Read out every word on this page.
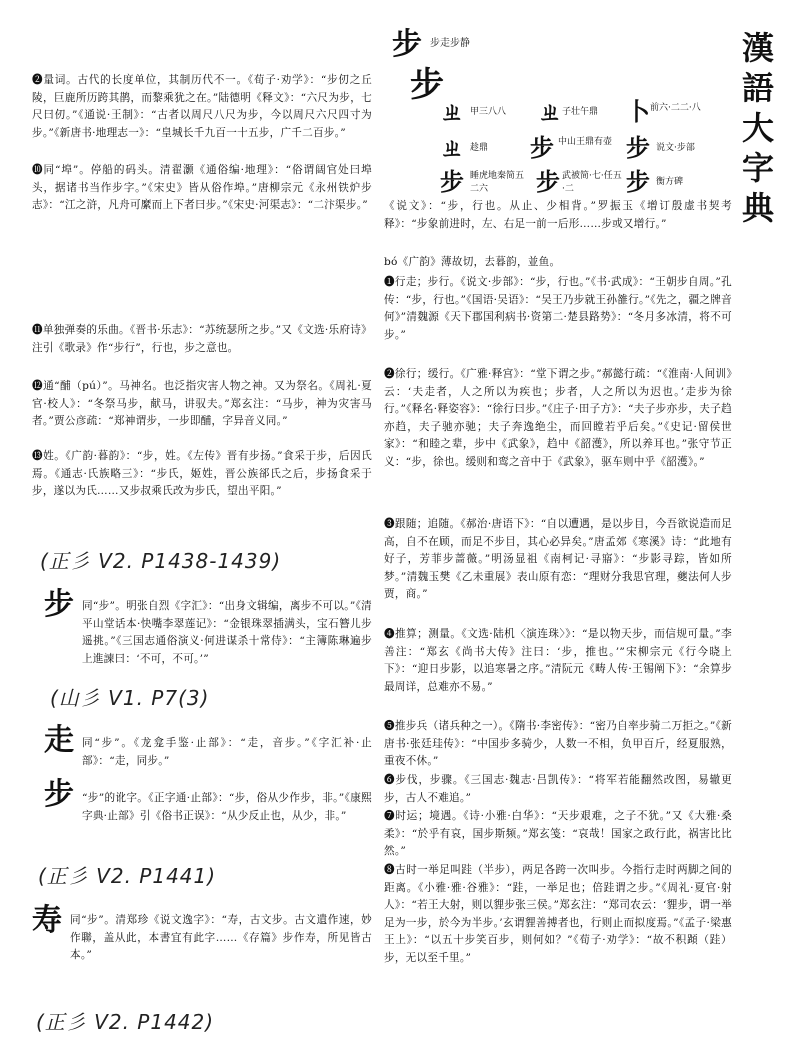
漢
語
大
字
典
步 步走步静
步
ㄓ 甲三八八 ㄓ 子壮午鼎 卜 前六·二二·八
ㄓ 趁鼎 步 中山王鼎有壶 步 说文·步部
步 睡虎地秦简五二六	步 武被简·七·任五·二	步 衡方碑
❷量词。古代的长度单位，其制历代不一。《荀子·劝学》：“步仞之丘陵，巨鹿所历跨其鹊，而黎乘犹之在。”陆德明《释文》：“六尺为步，七尺曰仞。”《通说·王制》：“古者以周尺八尺为步，今以周尺六尺四寸为步。”《新唐书·地理志一》：“皇城长千九百一十五步，广千二百步。”
❿同“埠”。停船的码头。清翟灏《通俗编·地理》：“俗谓阔官处曰埠头，据诸书当作步字。”《宋史》皆从俗作埠。”唐柳宗元《永州铁炉步志》：“江之浒，凡舟可縻而上下者曰步。”《宋史·河渠志》：“二汴渠步。”
⓫单独弹奏的乐曲。《晋书·乐志》：“苏统瑟所之步。”又《文选·乐府诗》注引《歌录》作“步行”，行也，步之意也。
⓬通“酺（pú）”。马神名。也泛指灾害人物之神。又为祭名。《周礼·夏官·校人》：“冬祭马步，献马，讲驭夫。”郑玄注：“马步，神为灾害马者。”贾公彦疏：“郑神谓步，一步即酺，字异音义同。”
⓭姓。《广韵·暮韵》：“步，姓。《左传》晋有步扬。”食采于步，后因氏焉。《通志·氏族略三》：“步氏，姬姓，晋公族郤氏之后，步扬食采于步，遂以为氏……又步叔乘氏改为步氏，望出平阳。”
(正彡 V2. P1438-1439)
步 同“步”。明张自烈《字汇》：“出身文辑编，离步不可以。”《清平山堂话本·快嘴李翠莲记》：“金银珠翠插满头，宝石簪儿步遥挑。”《三国志通俗演义·何进谋杀十常侍》：“主簿陈琳遍步上進諫曰：‘不可，不可。’”
(山彡 V1. P7(3)
走 同“步”。《龙龛手鉴·止部》：“走，音步。”《字汇补·止部》：“走，同步。”
步 “步”的讹字。《正字通·止部》：“步，俗从少作步，非。”《康熙字典·止部》引《俗书正误》：“从少反止也，从少，非。”
(正彡 V2. P1441)
寿 同“步”。清郑珍《说文逸字》：“寿，古文步。古文遺作速，妙作聯，盖从此，本書宜有此字……《存篇》步作寿，所见皆古本。”
(正彡 V2. P1442)
《说文》：“步，行也。从止、少相背。”罗振玉《增订殷虚书契考释》：“步象前进时，左、右足一前一后形……步或又增行。”
bó《广韵》薄故切，去暮韵，並鱼。
❶行走；步行。《说文·步部》：“步，行也。”《书·武成》：“王朝步自周。”孔传：“步，行也。”《国语·吴语》：“吴王乃步就王孙雒行。”《先之，疆之牌音何》”清魏源《天下郡国利病书·资第二·楚县路势》：“冬月多冰清，将不可步。”
❷徐行；缓行。《广雅·释宫》：“堂下谓之步。”郝懿行疏：“《淮南·人间训》云：‘夫走者，人之所以为疾也；步者，人之所以为迟也。’走步为徐行。”《释名·释姿容》：“徐行曰步。”《庄子·田子方》：“夫子步亦步，夫子趋亦趋，夫子驰亦驰；夫子奔逸绝尘，而回瞠若乎后矣。”《史记·留侯世家》：“和睦之辈，步中《武象》，趋中《韶濩》，所以养耳也。”张守节正义：“步，徐也。缓则和鸾之音中于《武象》，驱车则中乎《韶濩》。”
❸跟随；追随。《郝治·唐语下》：“自以遭遇，是以步目，今吾欲说造而足高，自不在顾，而足不步目，其心必异矣。”唐孟郊《寒溪》诗：“此地有好子，芳菲步蔷薇。”明汤显祖《南柯记·寻寤》：“步影寻踪，皆如所梦。”清魏玉樊《乙未重展》表山原有恋：“理财分我思官理，夔法何人步贾，商。”
❹推算；测量。《文选·陆机〈演连珠〉》：“是以物天步，而信规可量。”李善注：“郑玄《尚书大传》注曰：‘步，推也。’”宋柳宗元《行今晓上下》：“迎日步影，以追寒暑之序。”清阮元《畴人传·王锡阐下》：“余算步最周详，总难亦不易。”
❺推步兵（诸兵种之一）。《隋书·李密传》：“密乃自率步骑二万拒之。”《新唐书·张廷珪传》：“中国步多骑少，人数一不相，负甲百斤，经夏服熟，重夜不休。”
❻步伐，步骤。《三国志·魏志·吕凯传》：“将军若能翻然改图，易辙更步，古人不难追。”
❼时运；境遇。《诗·小雅·白华》：“天步艰难，之子不犹。”又《大雅·桑柔》：“於乎有哀，国步斯频。”郑玄笺：“哀哉！国家之政行此，祸害比比然。”
❽古时一举足叫跬（半步），两足各跨一次叫步。今指行走时两脚之间的距离。《小雅·雅·谷雅》：“跬，一举足也；倍跬谓之步。”《周礼·夏官·射人》：“若王大射，则以貍步张三侯。”郑玄注：“郑司农云：‘貍步，谓一举足为一步，於今为半步。’玄谓貍善搏者也，行则止而拟度焉。”《孟子·梁惠王上》：“以五十步笑百步，则何如？”《荀子·劝学》：“故不积蹞（跬）步，无以至千里。”
